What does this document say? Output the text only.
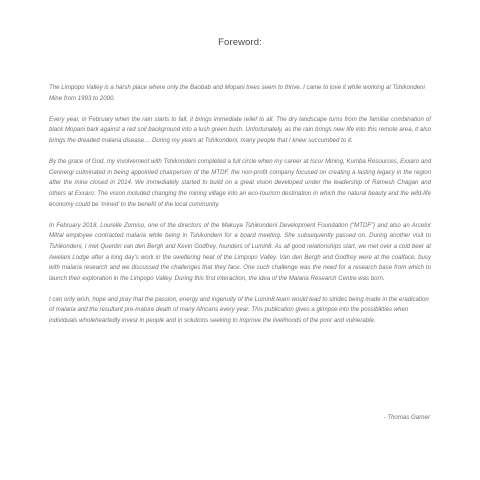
Foreword:

The Limpopo Valley is a harsh place where only the Baobab and Mopani trees seem to thrive. I came to love it while working at Tshikondeni Mine from 1993 to 2000.

Every year, in February when the rain starts to fall, it brings immediate relief to all. The dry landscape turns from the familiar combination of black Mopani bark against a red soil background into a lush green bush. Unfortunately, as the rain brings new life into this remote area, it also brings the dreaded malaria disease… During my years at Tshikondeni, many people that I knew succumbed to it.

By the grace of God, my involvement with Tshikondeni completed a full circle when my career at Iscor Mining, Kumba Resources, Exxaro and Cennergi culminated in being appointed chairperson of the MTDF, the non-profit company focused on creating a lasting legacy in the region after the mine closed in 2014. We immediately started to build on a great vision developed under the leadership of Ramesh Chagan and others at Exxaro: The vision included changing the mining village into an eco-tourism destination in which the natural beauty and the wild-life economy could be ‘mined’ to the benefit of the local community.

In February 2018, Lourelle Zomiso, one of the directors of the Makuya Tshikondeni Development Foundation (“MTDF”) and also an Arcelor Mittal employee contracted malaria while being in Tshikondeni for a board meeting. She subsequently passed on. During another visit to Tshikondeni, I met Quentin van den Bergh and Kevin Godfrey, founders of Lumin8. As all good relationships start, we met over a cold beer at Awelani Lodge after a long day’s work in the sweltering heat of the Limpopo Valley. Van den Bergh and Godfrey were at the coalface, busy with malaria research and we discussed the challenges that they face. One such challenge was the need for a research base from which to launch their exploration in the Limpopo Valley. During this first interaction, the idea of the Malaria Research Centre was born.

I can only wish, hope and pray that the passion, energy and ingenuity of the Lumin8 team would lead to strides being made in the eradication of malaria and the resultant pre-mature death of many Africans every year. This publication gives a glimpse into the possibilities when individuals wholeheartedly invest in people and in solutions seeking to improve the livelihoods of the poor and vulnerable.

- Thomas Garner
